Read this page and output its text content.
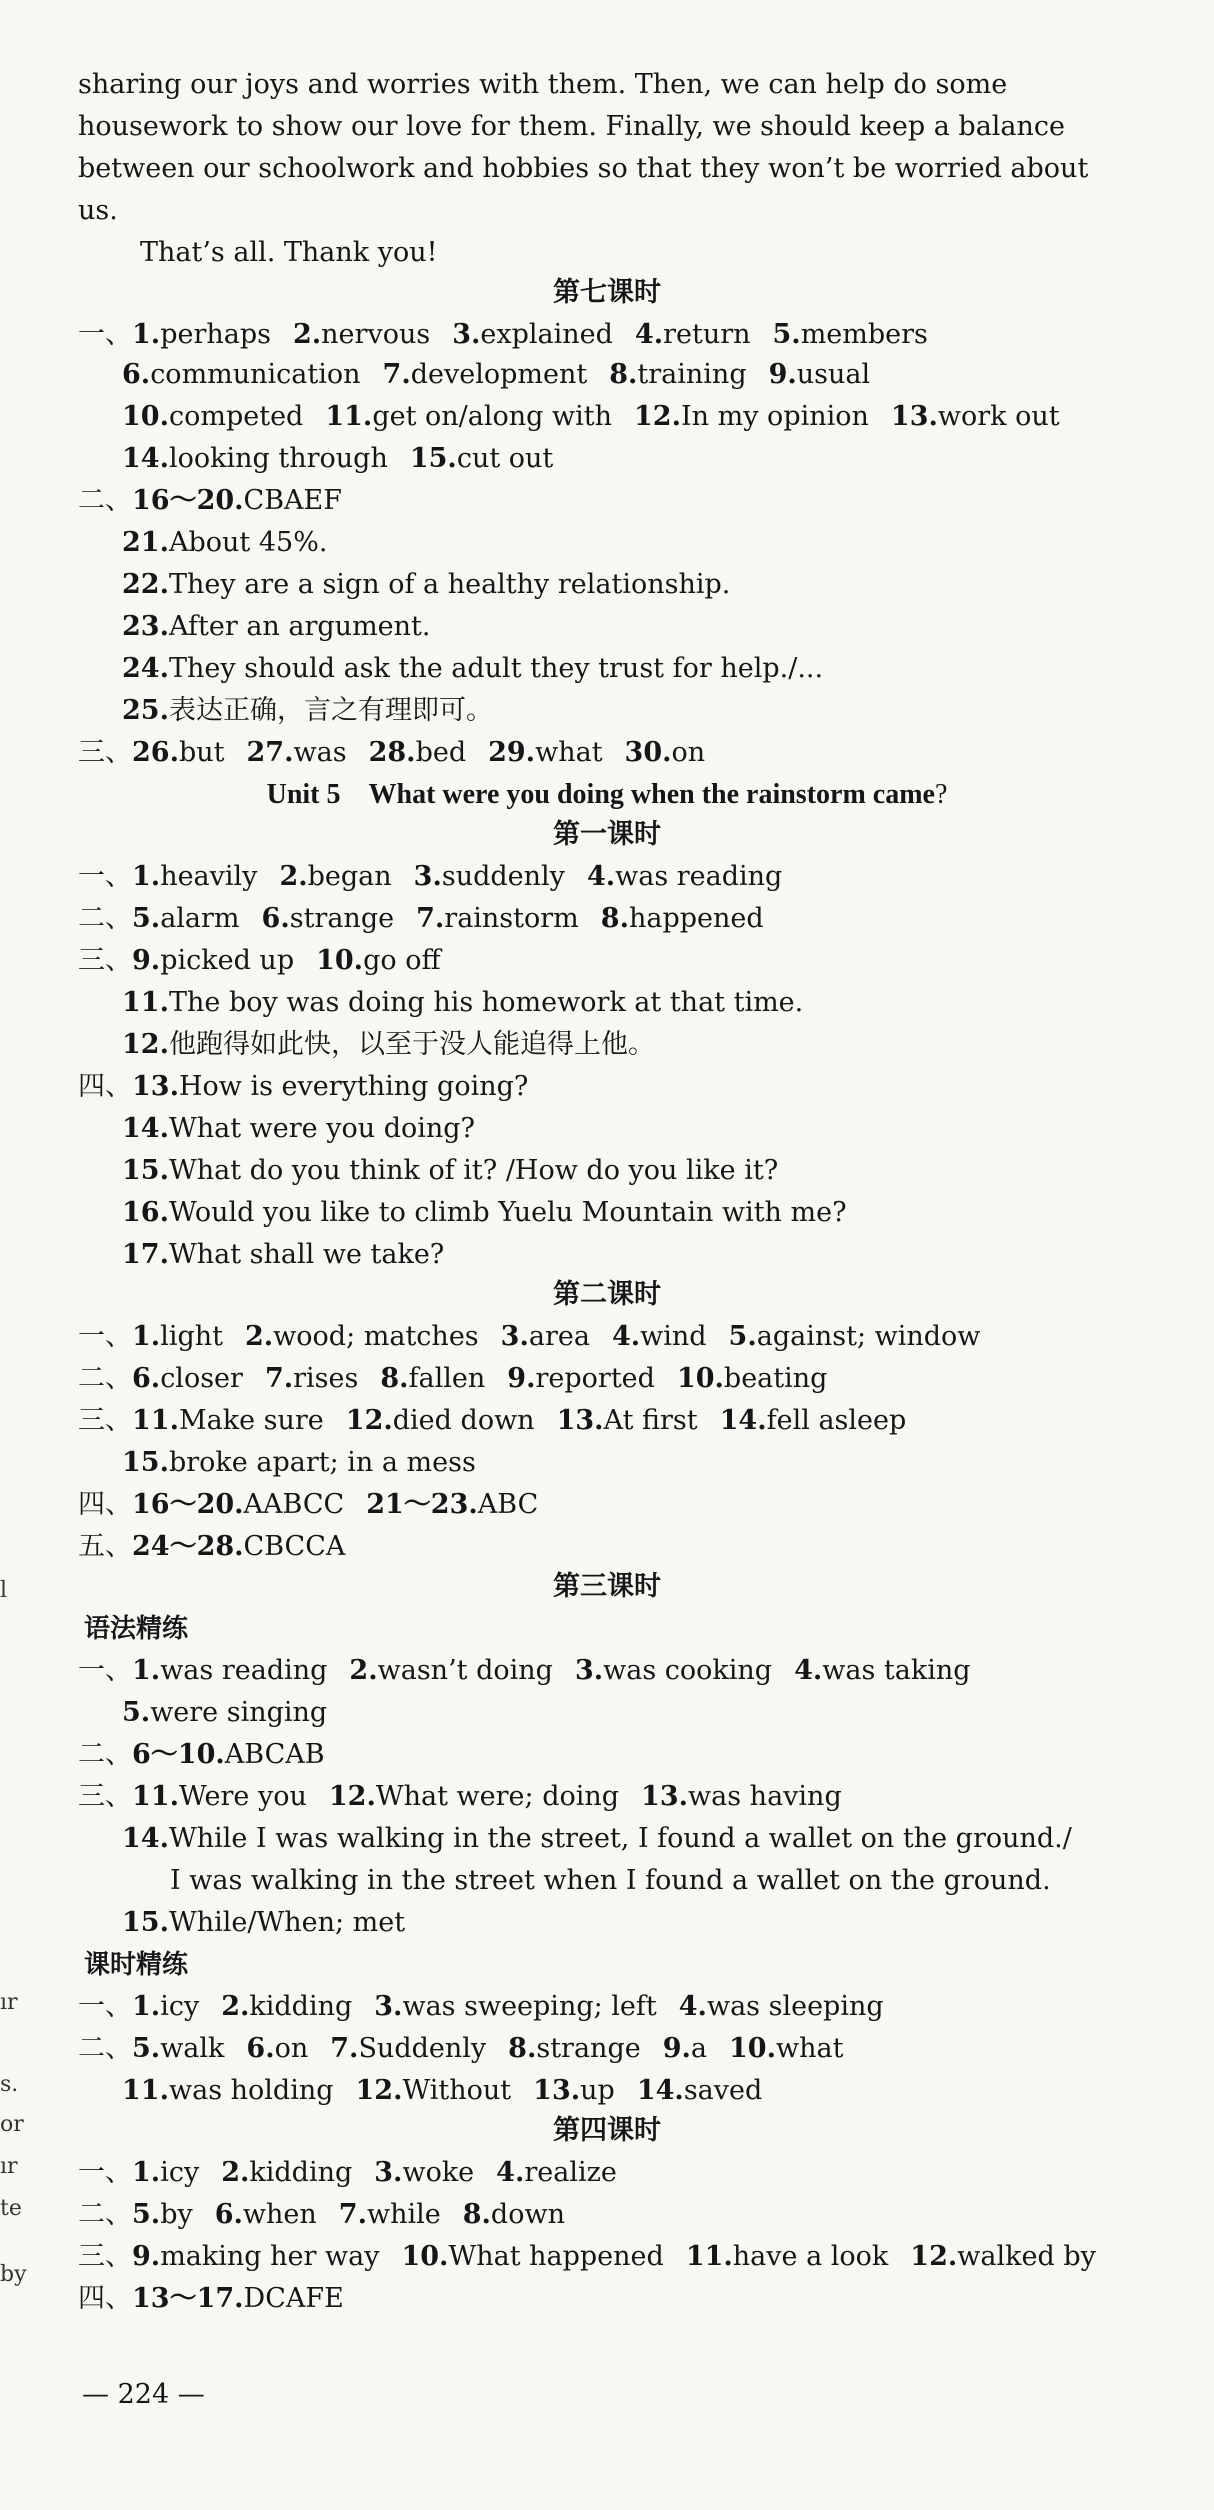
sharing our joys and worries with them. Then, we can help do some
housework to show our love for them. Finally, we should keep a balance
between our schoolwork and hobbies so that they won’t be worried about
us.
That’s all. Thank you!
第七课时
一、1.perhaps 2.nervous 3.explained 4.return 5.members
6.communication 7.development 8.training 9.usual
10.competed 11.get on/along with 12.In my opinion 13.work out
14.looking through 15.cut out
二、16～20.CBAEF
21.About 45%.
22.They are a sign of a healthy relationship.
23.After an argument.
24.They should ask the adult they trust for help./...
25.表达正确，言之有理即可。
三、26.but 27.was 28.bed 29.what 30.on
Unit 5　What were you doing when the rainstorm came?
第一课时
一、1.heavily 2.began 3.suddenly 4.was reading
二、5.alarm 6.strange 7.rainstorm 8.happened
三、9.picked up 10.go off
11.The boy was doing his homework at that time.
12.他跑得如此快，以至于没人能追得上他。
四、13.How is everything going?
14.What were you doing?
15.What do you think of it? /How do you like it?
16.Would you like to climb Yuelu Mountain with me?
17.What shall we take?
第二课时
一、1.light 2.wood; matches 3.area 4.wind 5.against; window
二、6.closer 7.rises 8.fallen 9.reported 10.beating
三、11.Make sure 12.died down 13.At first 14.fell asleep
15.broke apart; in a mess
四、16～20.AABCC 21～23.ABC
五、24～28.CBCCA
第三课时
语法精练
一、1.was reading 2.wasn’t doing 3.was cooking 4.was taking
5.were singing
二、6～10.ABCAB
三、11.Were you 12.What were; doing 13.was having
14.While I was walking in the street, I found a wallet on the ground./
I was walking in the street when I found a wallet on the ground.
15.While/When; met
课时精练
一、1.icy 2.kidding 3.was sweeping; left 4.was sleeping
二、5.walk 6.on 7.Suddenly 8.strange 9.a 10.what
11.was holding 12.Without 13.up 14.saved
第四课时
一、1.icy 2.kidding 3.woke 4.realize
二、5.by 6.when 7.while 8.down
三、9.making her way 10.What happened 11.have a look 12.walked by
四、13～17.DCAFE
l
ır
s.
or
ır
te
by
— 224 —
